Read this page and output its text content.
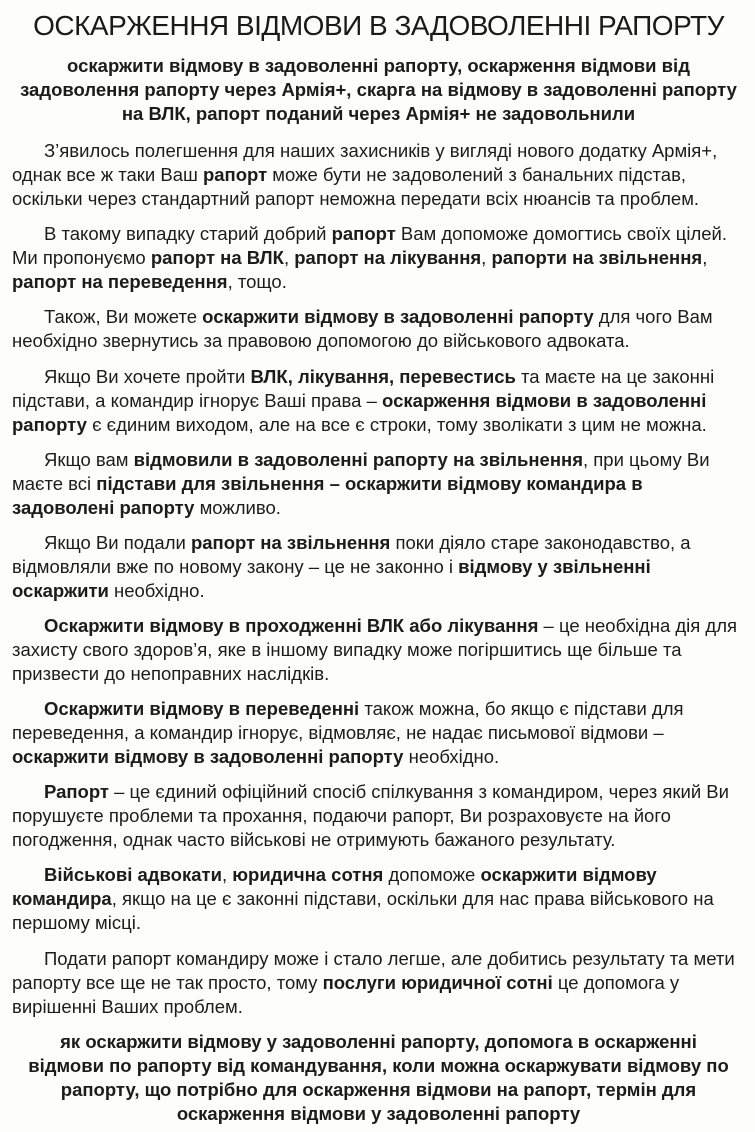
ОСКАРЖЕННЯ ВІДМОВИ В ЗАДОВОЛЕННІ РАПОРТУ

оскаржити відмову в задоволенні рапорту, оскарження відмови від задоволення рапорту через Армія+, скарга на відмову в задоволенні рапорту на ВЛК, рапорт поданий через Армія+ не задовольнили

З’явилось полегшення для наших захисників у вигляді нового додатку Армія+, однак все ж таки Ваш рапорт може бути не задоволений з банальних підстав, оскільки через стандартний рапорт неможна передати всіх нюансів та проблем.

В такому випадку старий добрий рапорт Вам допоможе домогтись своїх цілей. Ми пропонуємо рапорт на ВЛК, рапорт на лікування, рапорти на звільнення, рапорт на переведення, тощо.

Також, Ви можете оскаржити відмову в задоволенні рапорту для чого Вам необхідно звернутись за правовою допомогою до військового адвоката.

Якщо Ви хочете пройти ВЛК, лікування, перевестись та маєте на це законні підстави, а командир ігнорує Ваші права – оскарження відмови в задоволенні рапорту є єдиним виходом, але на все є строки, тому зволікати з цим не можна.

Якщо вам відмовили в задоволенні рапорту на звільнення, при цьому Ви маєте всі підстави для звільнення – оскаржити відмову командира в задоволені рапорту можливо.

Якщо Ви подали рапорт на звільнення поки діяло старе законодавство, а відмовляли вже по новому закону – це не законно і відмову у звільненні оскаржити необхідно.

Оскаржити відмову в проходженні ВЛК або лікування – це необхідна дія для захисту свого здоров’я, яке в іншому випадку може погіршитись ще більше та призвести до непоправних наслідків.

Оскаржити відмову в переведенні також можна, бо якщо є підстави для переведення, а командир ігнорує, відмовляє, не надає письмової відмови – оскаржити відмову в задоволенні рапорту необхідно.

Рапорт – це єдиний офіційний спосіб спілкування з командиром, через який Ви порушуєте проблеми та прохання, подаючи рапорт, Ви розраховуєте на його погодження, однак часто військові не отримують бажаного результату.

Військові адвокати, юридична сотня допоможе оскаржити відмову командира, якщо на це є законні підстави, оскільки для нас права військового на першому місці.

Подати рапорт командиру може і стало легше, але добитись результату та мети рапорту все ще не так просто, тому послуги юридичної сотні це допомога у вирішенні Ваших проблем.

як оскаржити відмову у задоволенні рапорту, допомога в оскарженні відмови по рапорту від командування, коли можна оскаржувати відмову по рапорту, що потрібно для оскарження відмови на рапорт, термін для оскарження відмови у задоволенні рапорту
